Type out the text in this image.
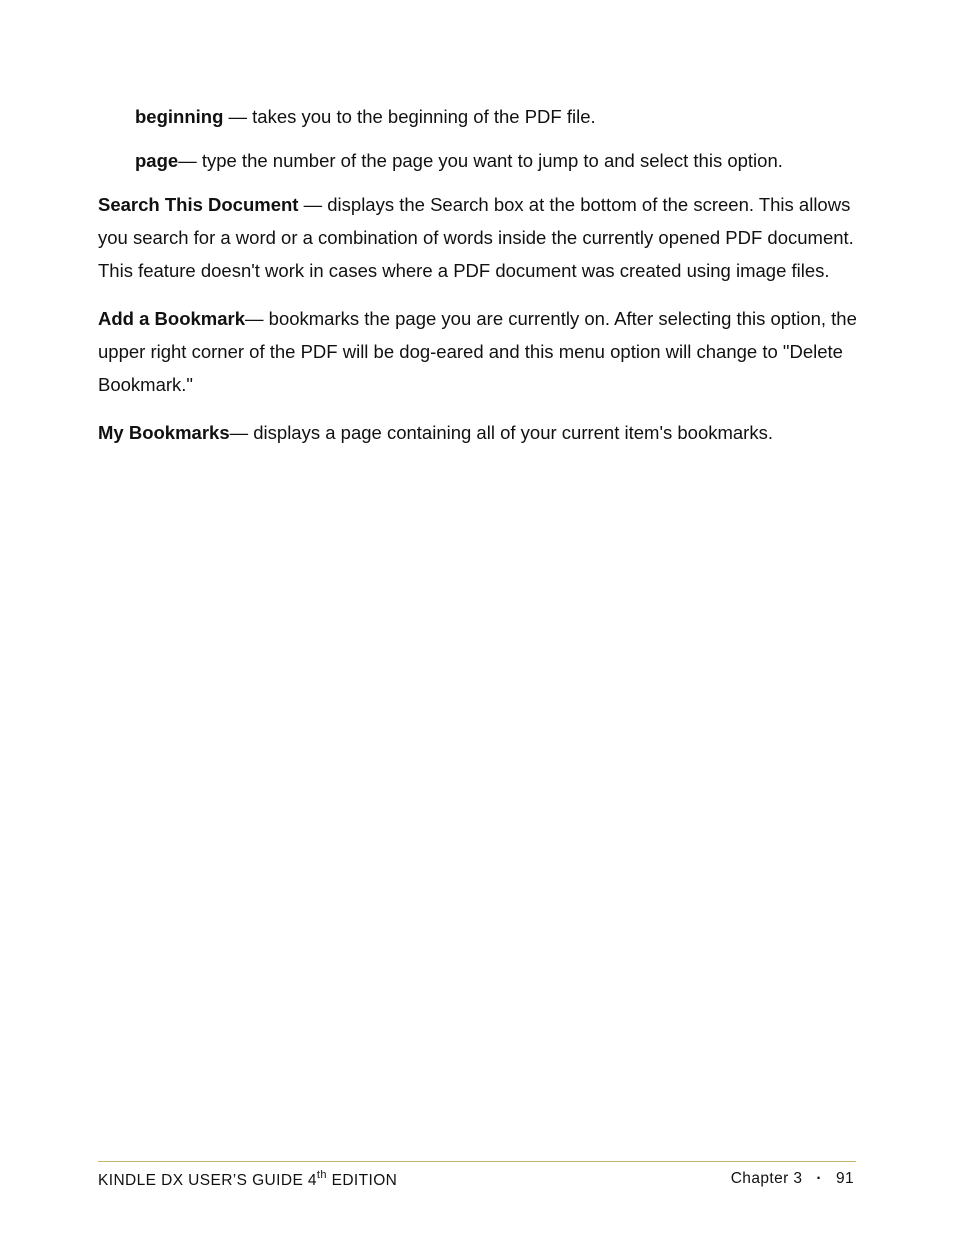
beginning — takes you to the beginning of the PDF file.

page— type the number of the page you want to jump to and select this option.

Search This Document — displays the Search box at the bottom of the screen. This allows you search for a word or a combination of words inside the currently opened PDF document. This feature doesn't work in cases where a PDF document was created using image files.

Add a Bookmark— bookmarks the page you are currently on. After selecting this option, the upper right corner of the PDF will be dog-eared and this menu option will change to "Delete Bookmark."

My Bookmarks— displays a page containing all of your current item's bookmarks.

KINDLE DX USER’S GUIDE 4th EDITION	Chapter 3 · 91
